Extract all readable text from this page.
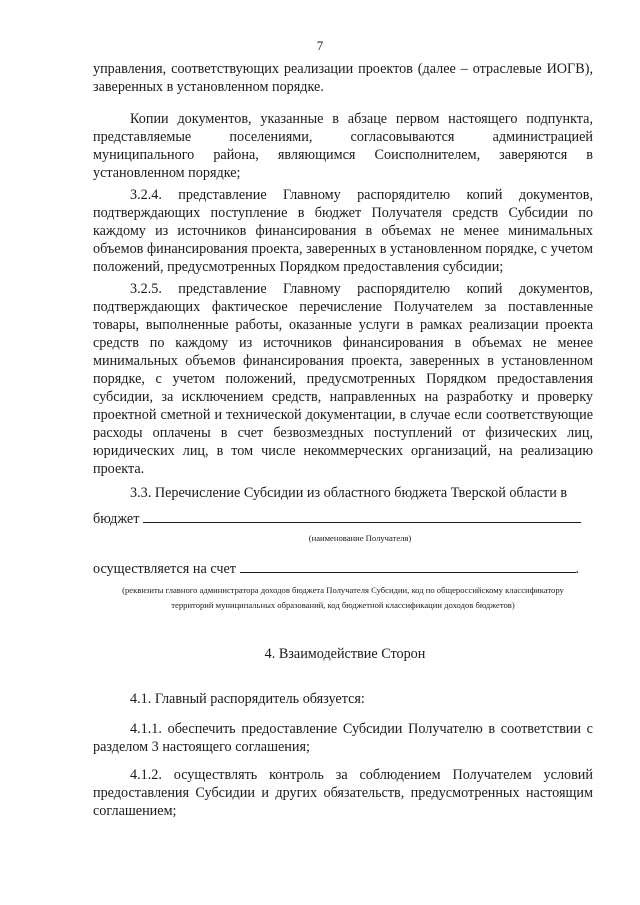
7

управления, соответствующих реализации проектов (далее – отраслевые ИОГВ), заверенных в установленном порядке.

Копии документов, указанные в абзаце первом настоящего подпункта, представляемые поселениями, согласовываются администрацией муниципального района, являющимся Соисполнителем, заверяются в установленном порядке;

3.2.4. представление Главному распорядителю копий документов, подтверждающих поступление в бюджет Получателя средств Субсидии по каждому из источников финансирования в объемах не менее минимальных объемов финансирования проекта, заверенных в установленном порядке, с учетом положений, предусмотренных Порядком предоставления субсидии;

3.2.5. представление Главному распорядителю копий документов, подтверждающих фактическое перечисление Получателем за поставленные товары, выполненные работы, оказанные услуги в рамках реализации проекта средств по каждому из источников финансирования в объемах не менее минимальных объемов финансирования проекта, заверенных в установленном порядке, с учетом положений, предусмотренных Порядком предоставления субсидии, за исключением средств, направленных на разработку и проверку проектной сметной и технической документации, в случае если соответствующие расходы оплачены в счет безвозмездных поступлений от физических лиц, юридических лиц, в том числе некоммерческих организаций, на реализацию проекта.

3.3. Перечисление Субсидии из областного бюджета Тверской области в

бюджет
(наименование Получателя)
осуществляется на счет	.
(реквизиты главного администратора доходов бюджета Получателя Субсидии, код по общероссийскому классификатору
территорий муниципальных образований, код бюджетной классификации доходов бюджетов)
4. Взаимодействие Сторон

4.1. Главный распорядитель обязуется:

4.1.1. обеспечить предоставление Субсидии Получателю в соответствии с разделом 3 настоящего соглашения;

4.1.2. осуществлять контроль за соблюдением Получателем условий предоставления Субсидии и других обязательств, предусмотренных настоящим соглашением;
